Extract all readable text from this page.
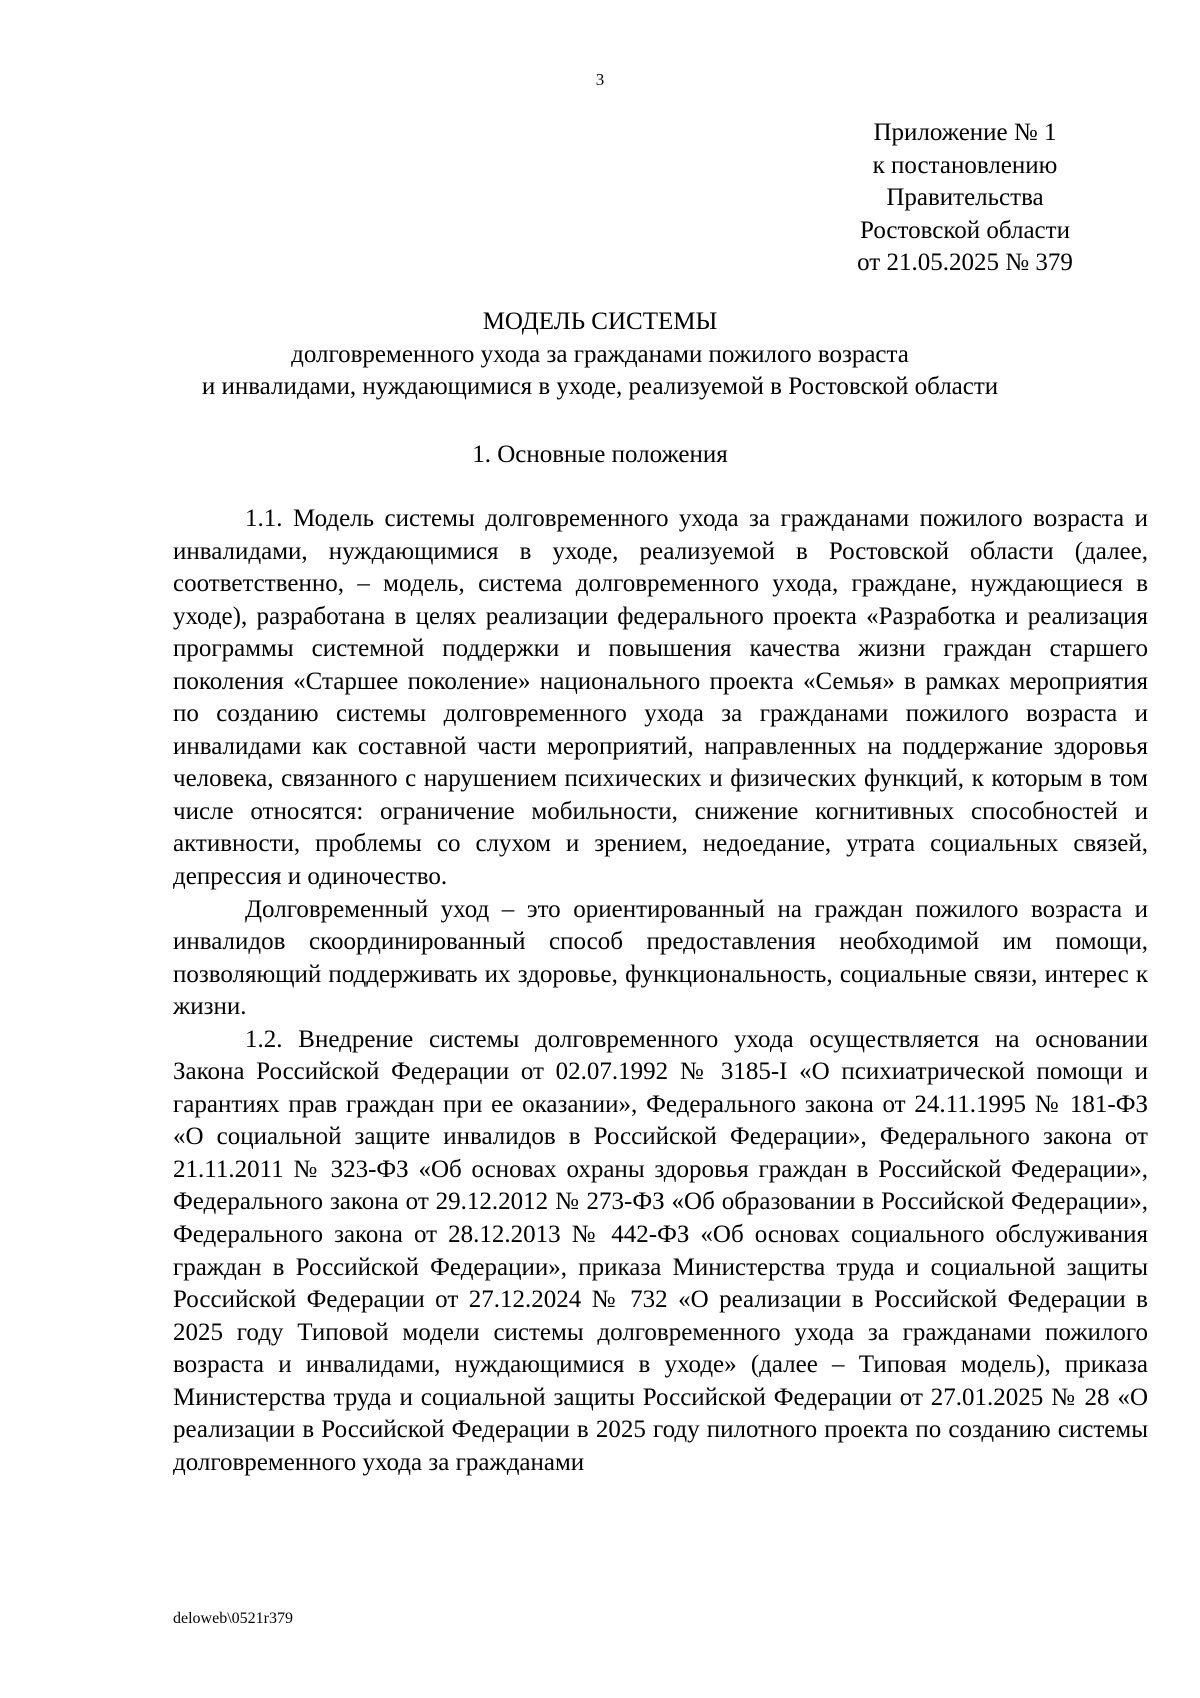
3
Приложение № 1
к постановлению
Правительства
Ростовской области
от 21.05.2025 № 379
МОДЕЛЬ СИСТЕМЫ
долговременного ухода за гражданами пожилого возраста
и инвалидами, нуждающимися в уходе, реализуемой в Ростовской области
1. Основные положения

1.1. Модель системы долговременного ухода за гражданами пожилого возраста и инвалидами, нуждающимися в уходе, реализуемой в Ростовской области (далее, соответственно, – модель, система долговременного ухода, граждане, нуждающиеся в уходе), разработана в целях реализации федерального проекта «Разработка и реализация программы системной поддержки и повышения качества жизни граждан старшего поколения «Старшее поколение» национального проекта «Семья» в рамках мероприятия по созданию системы долговременного ухода за гражданами пожилого возраста и инвалидами как составной части мероприятий, направленных на поддержание здоровья человека, связанного с нарушением психических и физических функций, к которым в том числе относятся: ограничение мобильности, снижение когнитивных способностей и активности, проблемы со слухом и зрением, недоедание, утрата социальных связей, депрессия и одиночество.

Долговременный уход – это ориентированный на граждан пожилого возраста и инвалидов скоординированный способ предоставления необходимой им помощи, позволяющий поддерживать их здоровье, функциональность, социальные связи, интерес к жизни.

1.2. Внедрение системы долговременного ухода осуществляется на основании Закона Российской Федерации от 02.07.1992 № 3185-I «О психиатрической помощи и гарантиях прав граждан при ее оказании», Федерального закона от 24.11.1995 № 181-ФЗ «О социальной защите инвалидов в Российской Федерации», Федерального закона от 21.11.2011 № 323-ФЗ «Об основах охраны здоровья граждан в Российской Федерации», Федерального закона от 29.12.2012 № 273-ФЗ «Об образовании в Российской Федерации», Федерального закона от 28.12.2013 № 442-ФЗ «Об основах социального обслуживания граждан в Российской Федерации», приказа Министерства труда и социальной защиты Российской Федерации от 27.12.2024 № 732 «О реализации в Российской Федерации в 2025 году Типовой модели системы долговременного ухода за гражданами пожилого возраста и инвалидами, нуждающимися в уходе» (далее – Типовая модель), приказа Министерства труда и социальной защиты Российской Федерации от 27.01.2025 № 28 «О реализации в Российской Федерации в 2025 году пилотного проекта по созданию системы долговременного ухода за гражданами

deloweb\0521r379
